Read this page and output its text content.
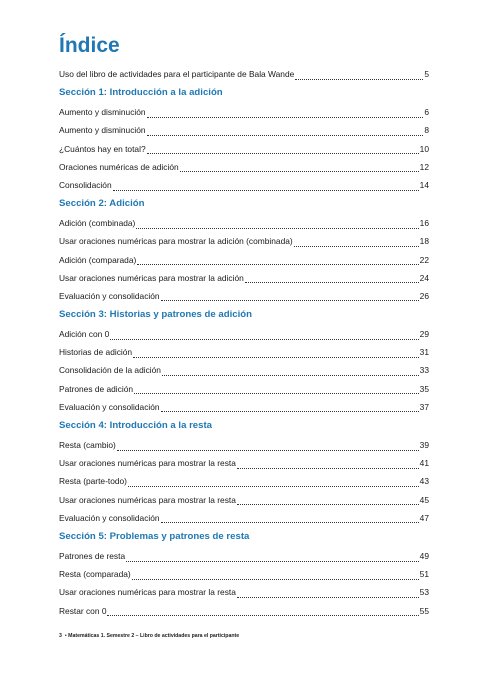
Índice
Uso del libro de actividades para el participante de Bala Wande	5
Sección 1: Introducción a la adición
Aumento y disminución	6
Aumento y disminución	8
¿Cuántos hay en total?	10
Oraciones numéricas de adición	12
Consolidación	14
Sección 2: Adición
Adición (combinada)	16
Usar oraciones numéricas para mostrar la adición (combinada)	18
Adición (comparada)	22
Usar oraciones numéricas para mostrar la adición	24
Evaluación y consolidación	26
Sección 3: Historias y patrones de adición
Adición con 0	29
Historias de adición	31
Consolidación de la adición	33
Patrones de adición	35
Evaluación y consolidación	37
Sección 4: Introducción a la resta
Resta (cambio)	39
Usar oraciones numéricas para mostrar la resta	41
Resta (parte-todo)	43
Usar oraciones numéricas para mostrar la resta	45
Evaluación y consolidación	47
Sección 5: Problemas y patrones de resta
Patrones de resta	49
Resta (comparada)	51
Usar oraciones numéricas para mostrar la resta	53
Restar con 0	55
3 • Matemáticas 1. Semestre 2 – Libro de actividades para el participante
